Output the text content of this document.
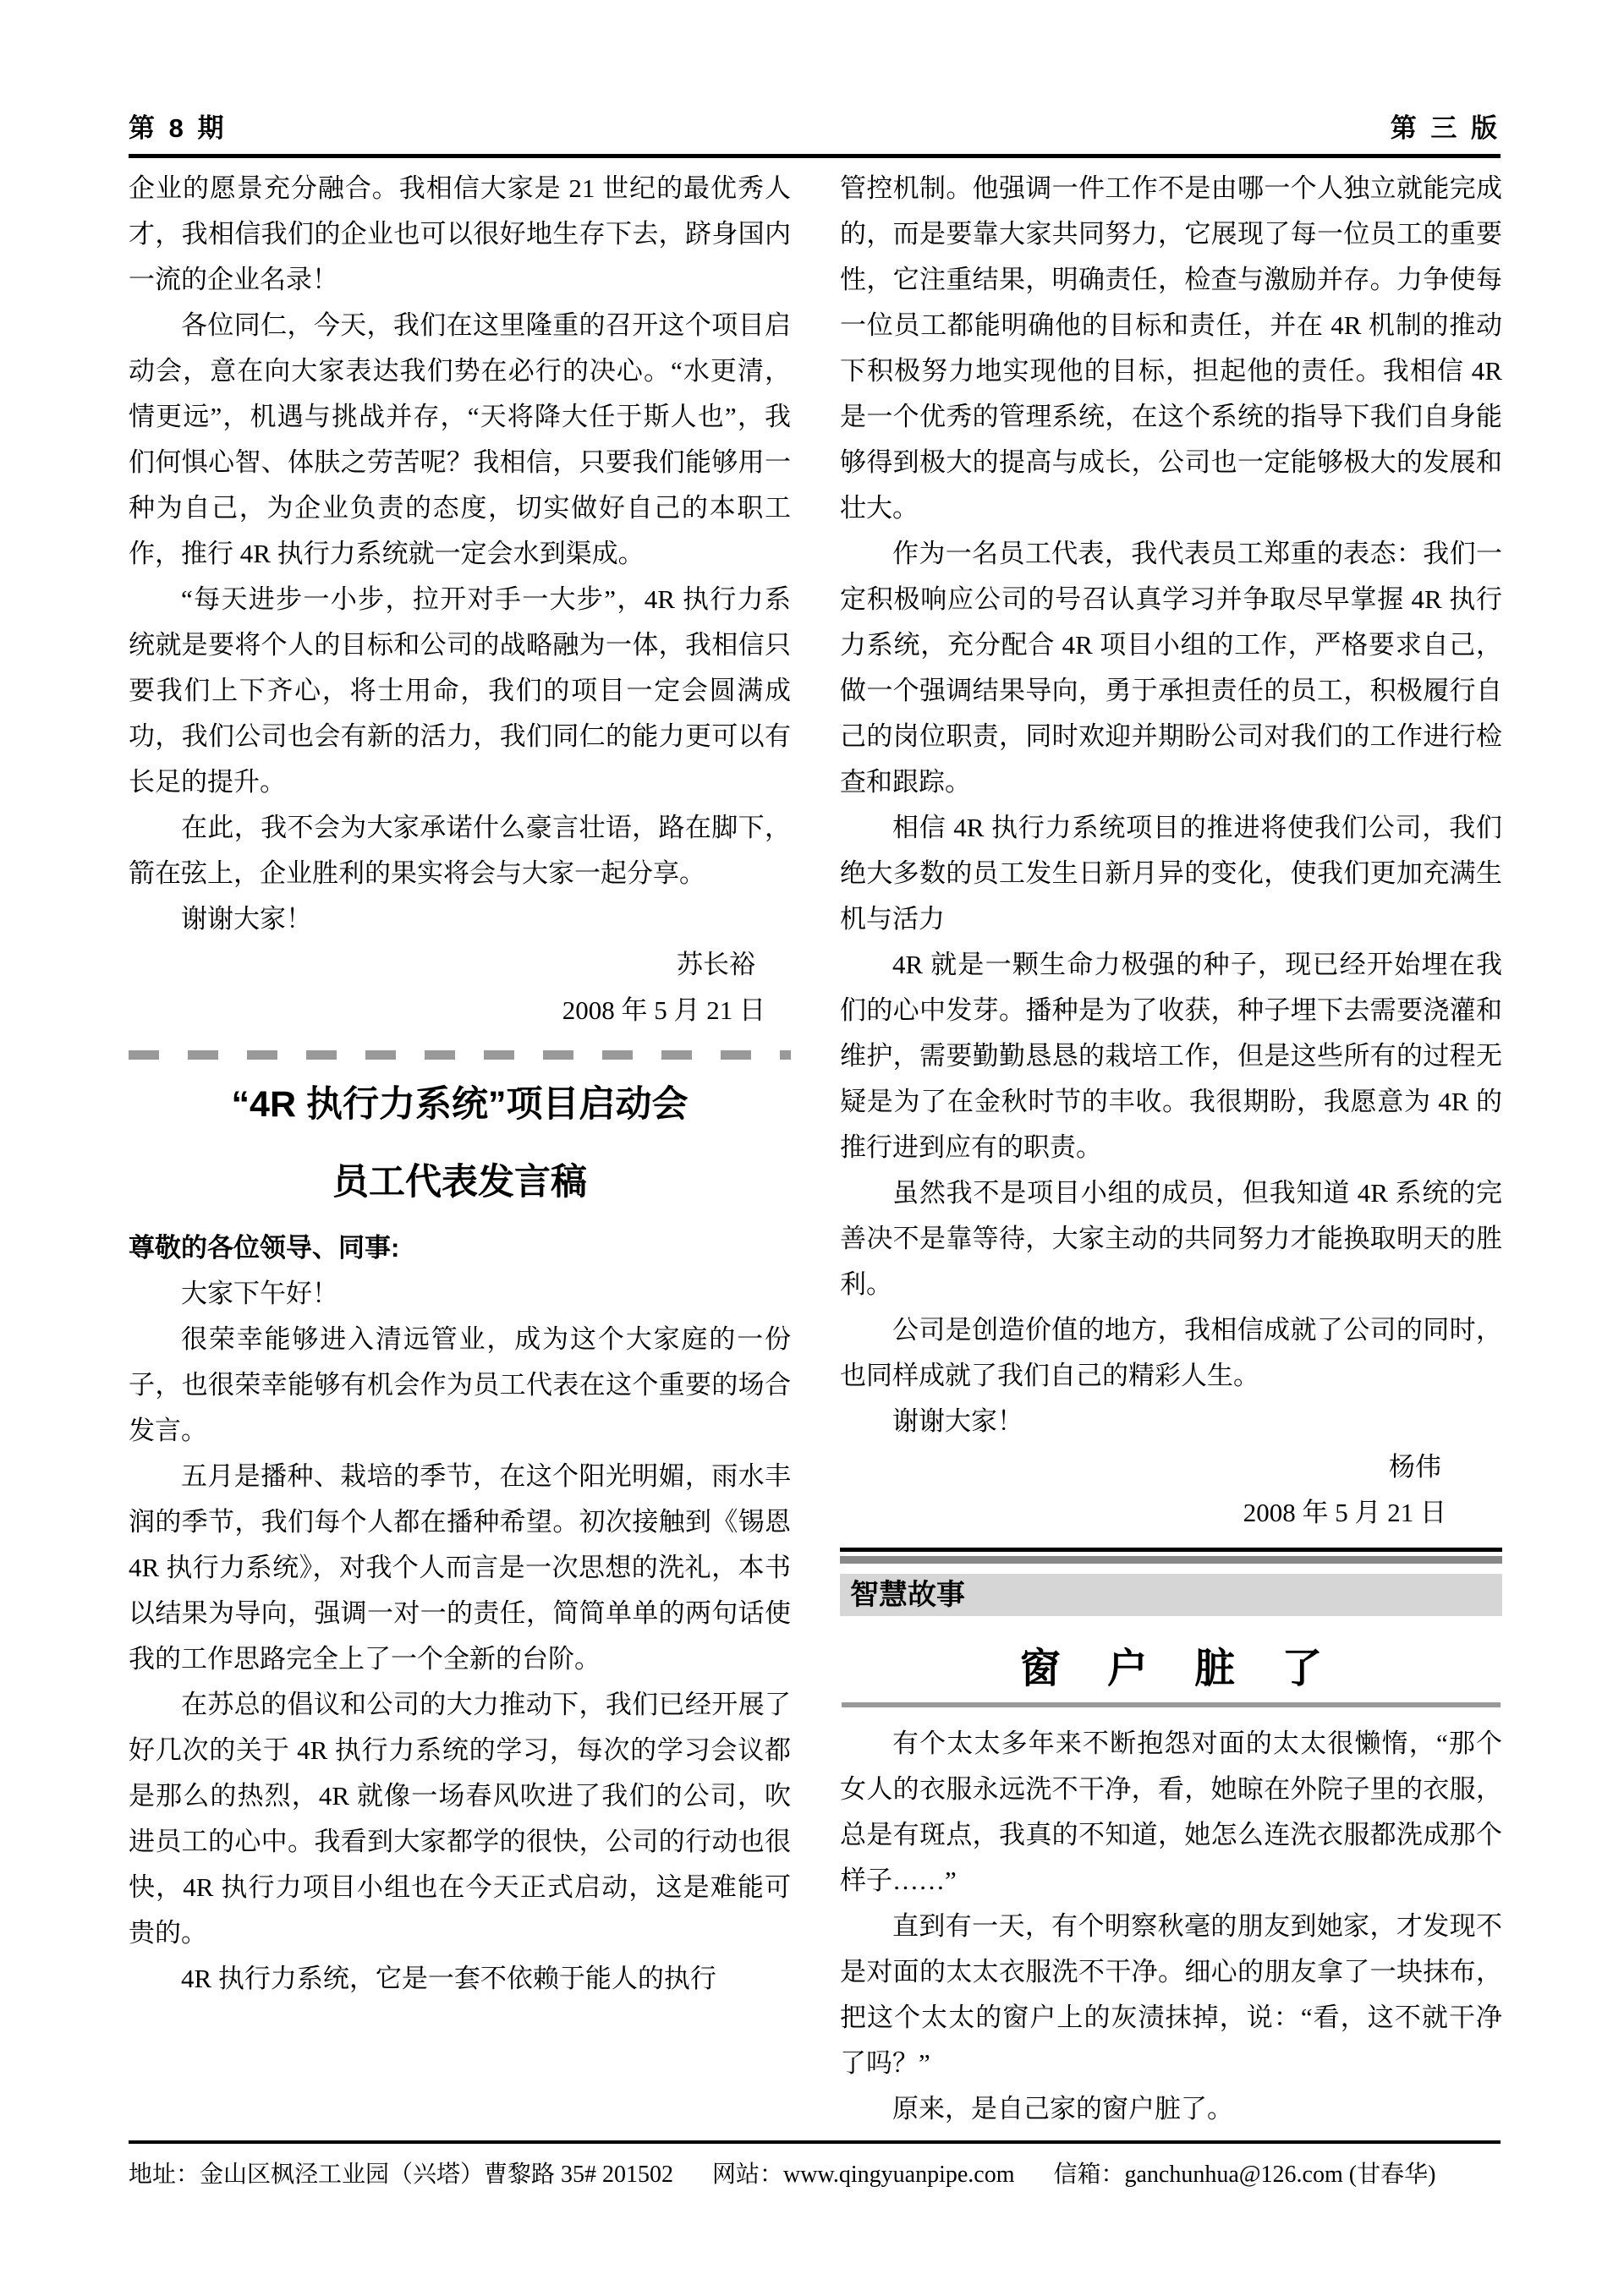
第 8 期	第 三 版

企业的愿景充分融合。我相信大家是 21 世纪的最优秀人才，我相信我们的企业也可以很好地生存下去，跻身国内一流的企业名录！

各位同仁，今天，我们在这里隆重的召开这个项目启动会，意在向大家表达我们势在必行的决心。“水更清，情更远”，机遇与挑战并存，“天将降大任于斯人也”，我们何惧心智、体肤之劳苦呢？我相信，只要我们能够用一种为自己，为企业负责的态度，切实做好自己的本职工作，推行 4R 执行力系统就一定会水到渠成。

“每天进步一小步，拉开对手一大步”，4R 执行力系统就是要将个人的目标和公司的战略融为一体，我相信只要我们上下齐心，将士用命，我们的项目一定会圆满成功，我们公司也会有新的活力，我们同仁的能力更可以有长足的提升。

在此，我不会为大家承诺什么豪言壮语，路在脚下，箭在弦上，企业胜利的果实将会与大家一起分享。

谢谢大家！

苏长裕

2008 年 5 月 21 日

“4R 执行力系统”项目启动会
员工代表发言稿

尊敬的各位领导、同事:

大家下午好！

很荣幸能够进入清远管业，成为这个大家庭的一份子，也很荣幸能够有机会作为员工代表在这个重要的场合发言。

五月是播种、栽培的季节，在这个阳光明媚，雨水丰润的季节，我们每个人都在播种希望。初次接触到《锡恩 4R 执行力系统》，对我个人而言是一次思想的洗礼，本书以结果为导向，强调一对一的责任，简简单单的两句话使我的工作思路完全上了一个全新的台阶。

在苏总的倡议和公司的大力推动下，我们已经开展了好几次的关于 4R 执行力系统的学习，每次的学习会议都是那么的热烈，4R 就像一场春风吹进了我们的公司，吹进员工的心中。我看到大家都学的很快，公司的行动也很快，4R 执行力项目小组也在今天正式启动，这是难能可贵的。

4R 执行力系统，它是一套不依赖于能人的执行

管控机制。他强调一件工作不是由哪一个人独立就能完成的，而是要靠大家共同努力，它展现了每一位员工的重要性，它注重结果，明确责任，检查与激励并存。力争使每一位员工都能明确他的目标和责任，并在 4R 机制的推动下积极努力地实现他的目标，担起他的责任。我相信 4R 是一个优秀的管理系统，在这个系统的指导下我们自身能够得到极大的提高与成长，公司也一定能够极大的发展和壮大。

作为一名员工代表，我代表员工郑重的表态：我们一定积极响应公司的号召认真学习并争取尽早掌握 4R 执行力系统，充分配合 4R 项目小组的工作，严格要求自己，做一个强调结果导向，勇于承担责任的员工，积极履行自己的岗位职责，同时欢迎并期盼公司对我们的工作进行检查和跟踪。

相信 4R 执行力系统项目的推进将使我们公司，我们绝大多数的员工发生日新月异的变化，使我们更加充满生机与活力

4R 就是一颗生命力极强的种子，现已经开始埋在我们的心中发芽。播种是为了收获，种子埋下去需要浇灌和维护，需要勤勤恳恳的栽培工作，但是这些所有的过程无疑是为了在金秋时节的丰收。我很期盼，我愿意为 4R 的推行进到应有的职责。

虽然我不是项目小组的成员，但我知道 4R 系统的完善决不是靠等待，大家主动的共同努力才能换取明天的胜利。

公司是创造价值的地方，我相信成就了公司的同时，也同样成就了我们自己的精彩人生。

谢谢大家！

杨伟

2008 年 5 月 21 日

智慧故事
窗 户 脏 了

有个太太多年来不断抱怨对面的太太很懒惰，“那个女人的衣服永远洗不干净，看，她晾在外院子里的衣服，总是有斑点，我真的不知道，她怎么连洗衣服都洗成那个样子……”

直到有一天，有个明察秋毫的朋友到她家，才发现不是对面的太太衣服洗不干净。细心的朋友拿了一块抹布，把这个太太的窗户上的灰渍抹掉，说：“看，这不就干净了吗？”

原来，是自己家的窗户脏了。

地址：金山区枫泾工业园（兴塔）曹黎路 35# 201502 网站：www.qingyuanpipe.com 信箱：ganchunhua@126.com (甘春华)
